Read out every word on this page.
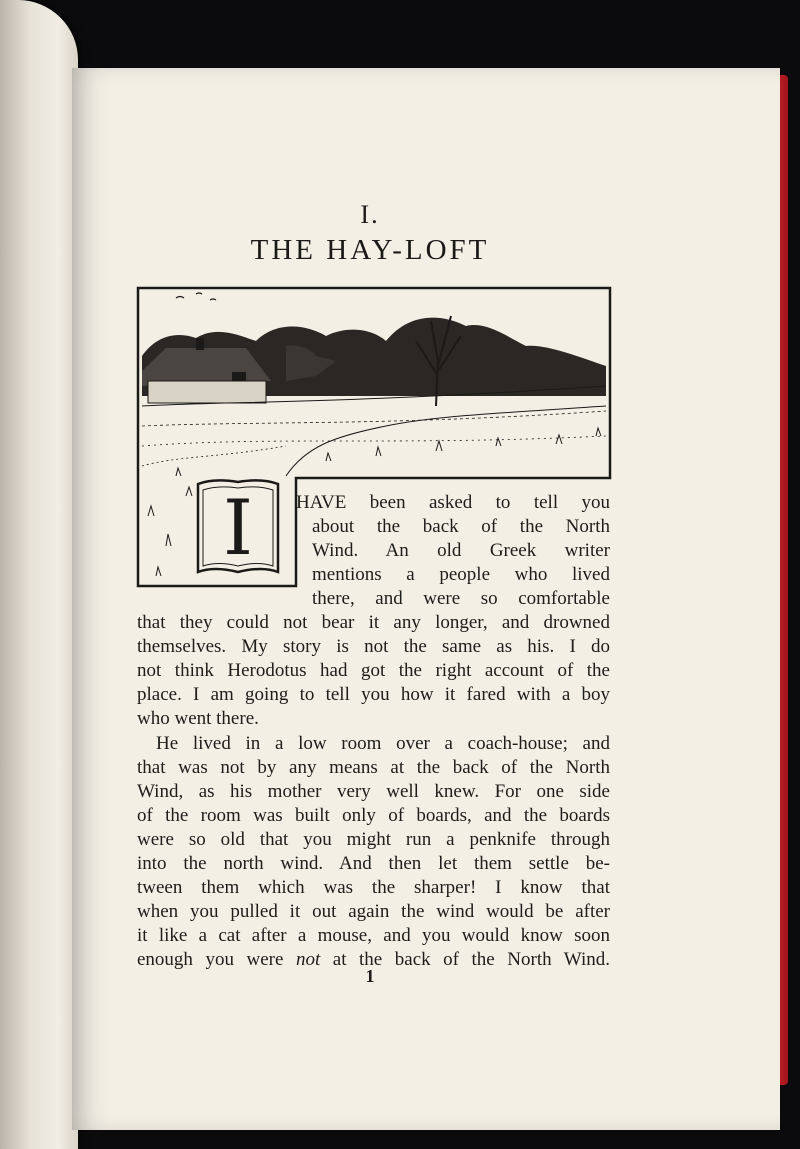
I.
THE HAY-LOFT
I	HAVE been asked to tell you
about the back of the North
Wind. An old Greek writer
mentions a people who lived
there, and were so comfortable
that they could not bear it any longer, and drowned
themselves. My story is not the same as his. I do
not think Herodotus had got the right account of the
place. I am going to tell you how it fared with a boy
who went there.
He lived in a low room over a coach-house; and
that was not by any means at the back of the North
Wind, as his mother very well knew. For one side
of the room was built only of boards, and the boards
were so old that you might run a penknife through
into the north wind. And then let them settle be-
tween them which was the sharper! I know that
when you pulled it out again the wind would be after
it like a cat after a mouse, and you would know soon
enough you were not at the back of the North Wind.
1
